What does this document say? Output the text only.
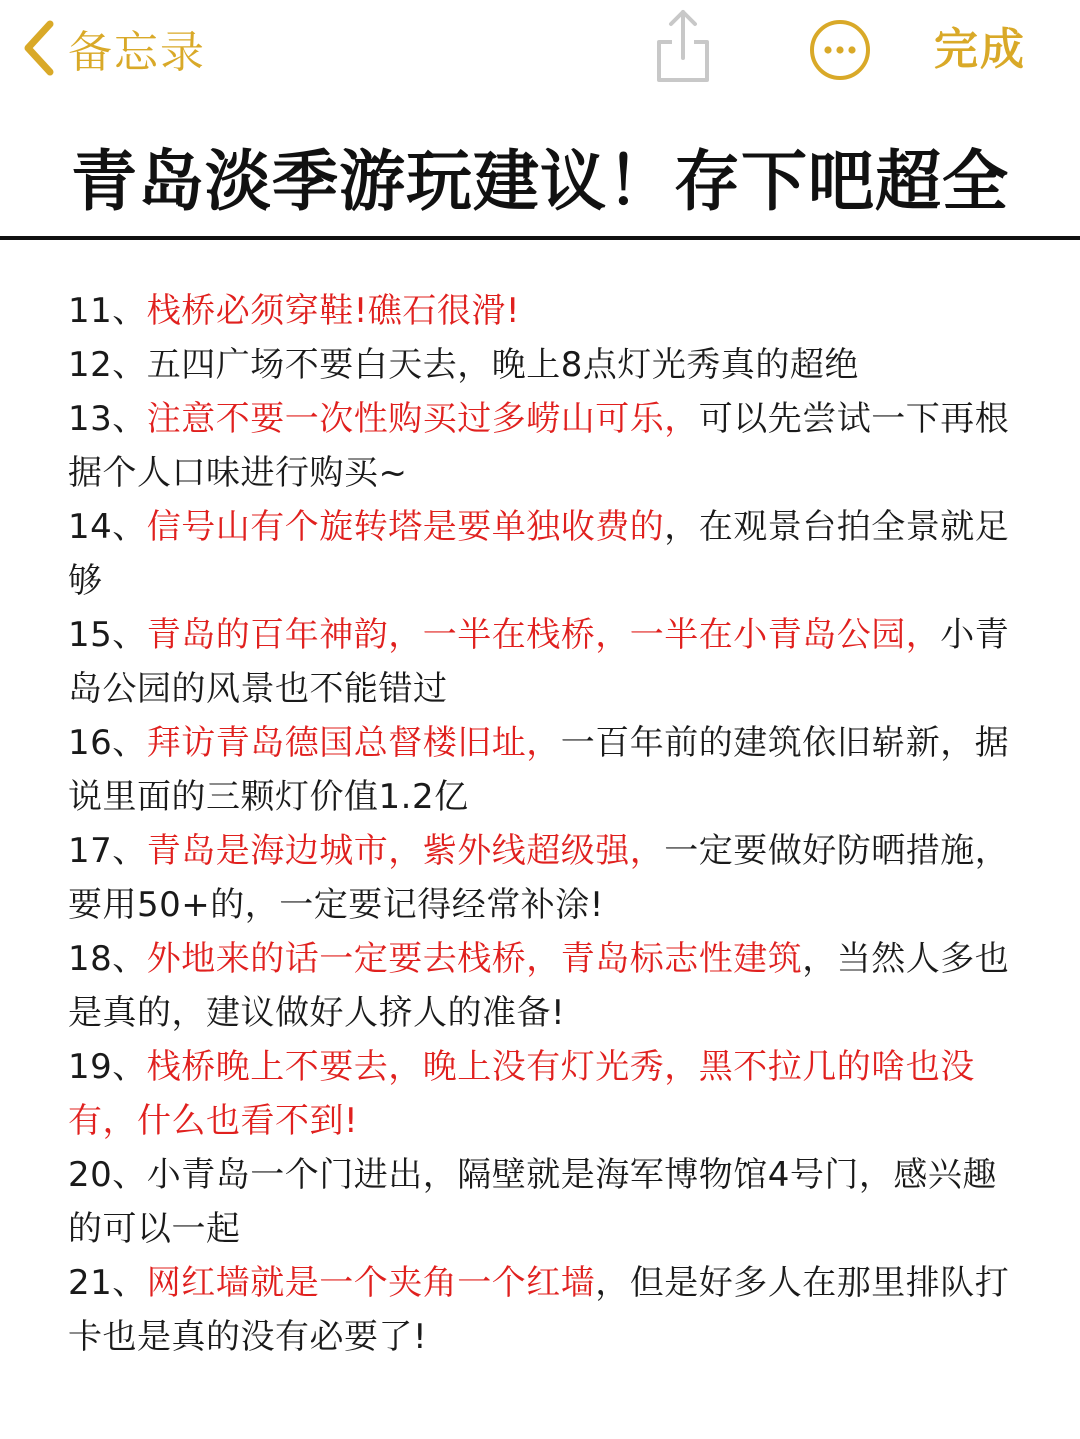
备忘录	完成
青岛淡季游玩建议！存下吧超全

11、栈桥必须穿鞋!礁石很滑!

12、五四广场不要白天去，晚上8点灯光秀真的超绝

13、注意不要一次性购买过多崂山可乐，可以先尝试一下再根据个人口味进行购买~

14、信号山有个旋转塔是要单独收费的，在观景台拍全景就足够

15、青岛的百年神韵，一半在栈桥，一半在小青岛公园，小青岛公园的风景也不能错过

16、拜访青岛德国总督楼旧址，一百年前的建筑依旧崭新，据说里面的三颗灯价值1.2亿

17、青岛是海边城市，紫外线超级强，一定要做好防晒措施，要用50+的，一定要记得经常补涂!

18、外地来的话一定要去栈桥，青岛标志性建筑，当然人多也是真的，建议做好人挤人的准备!

19、栈桥晚上不要去，晚上没有灯光秀，黑不拉几的啥也没有，什么也看不到!

20、小青岛一个门进出，隔壁就是海军博物馆4号门，感兴趣的可以一起

21、网红墙就是一个夹角一个红墙，但是好多人在那里排队打卡也是真的没有必要了!
